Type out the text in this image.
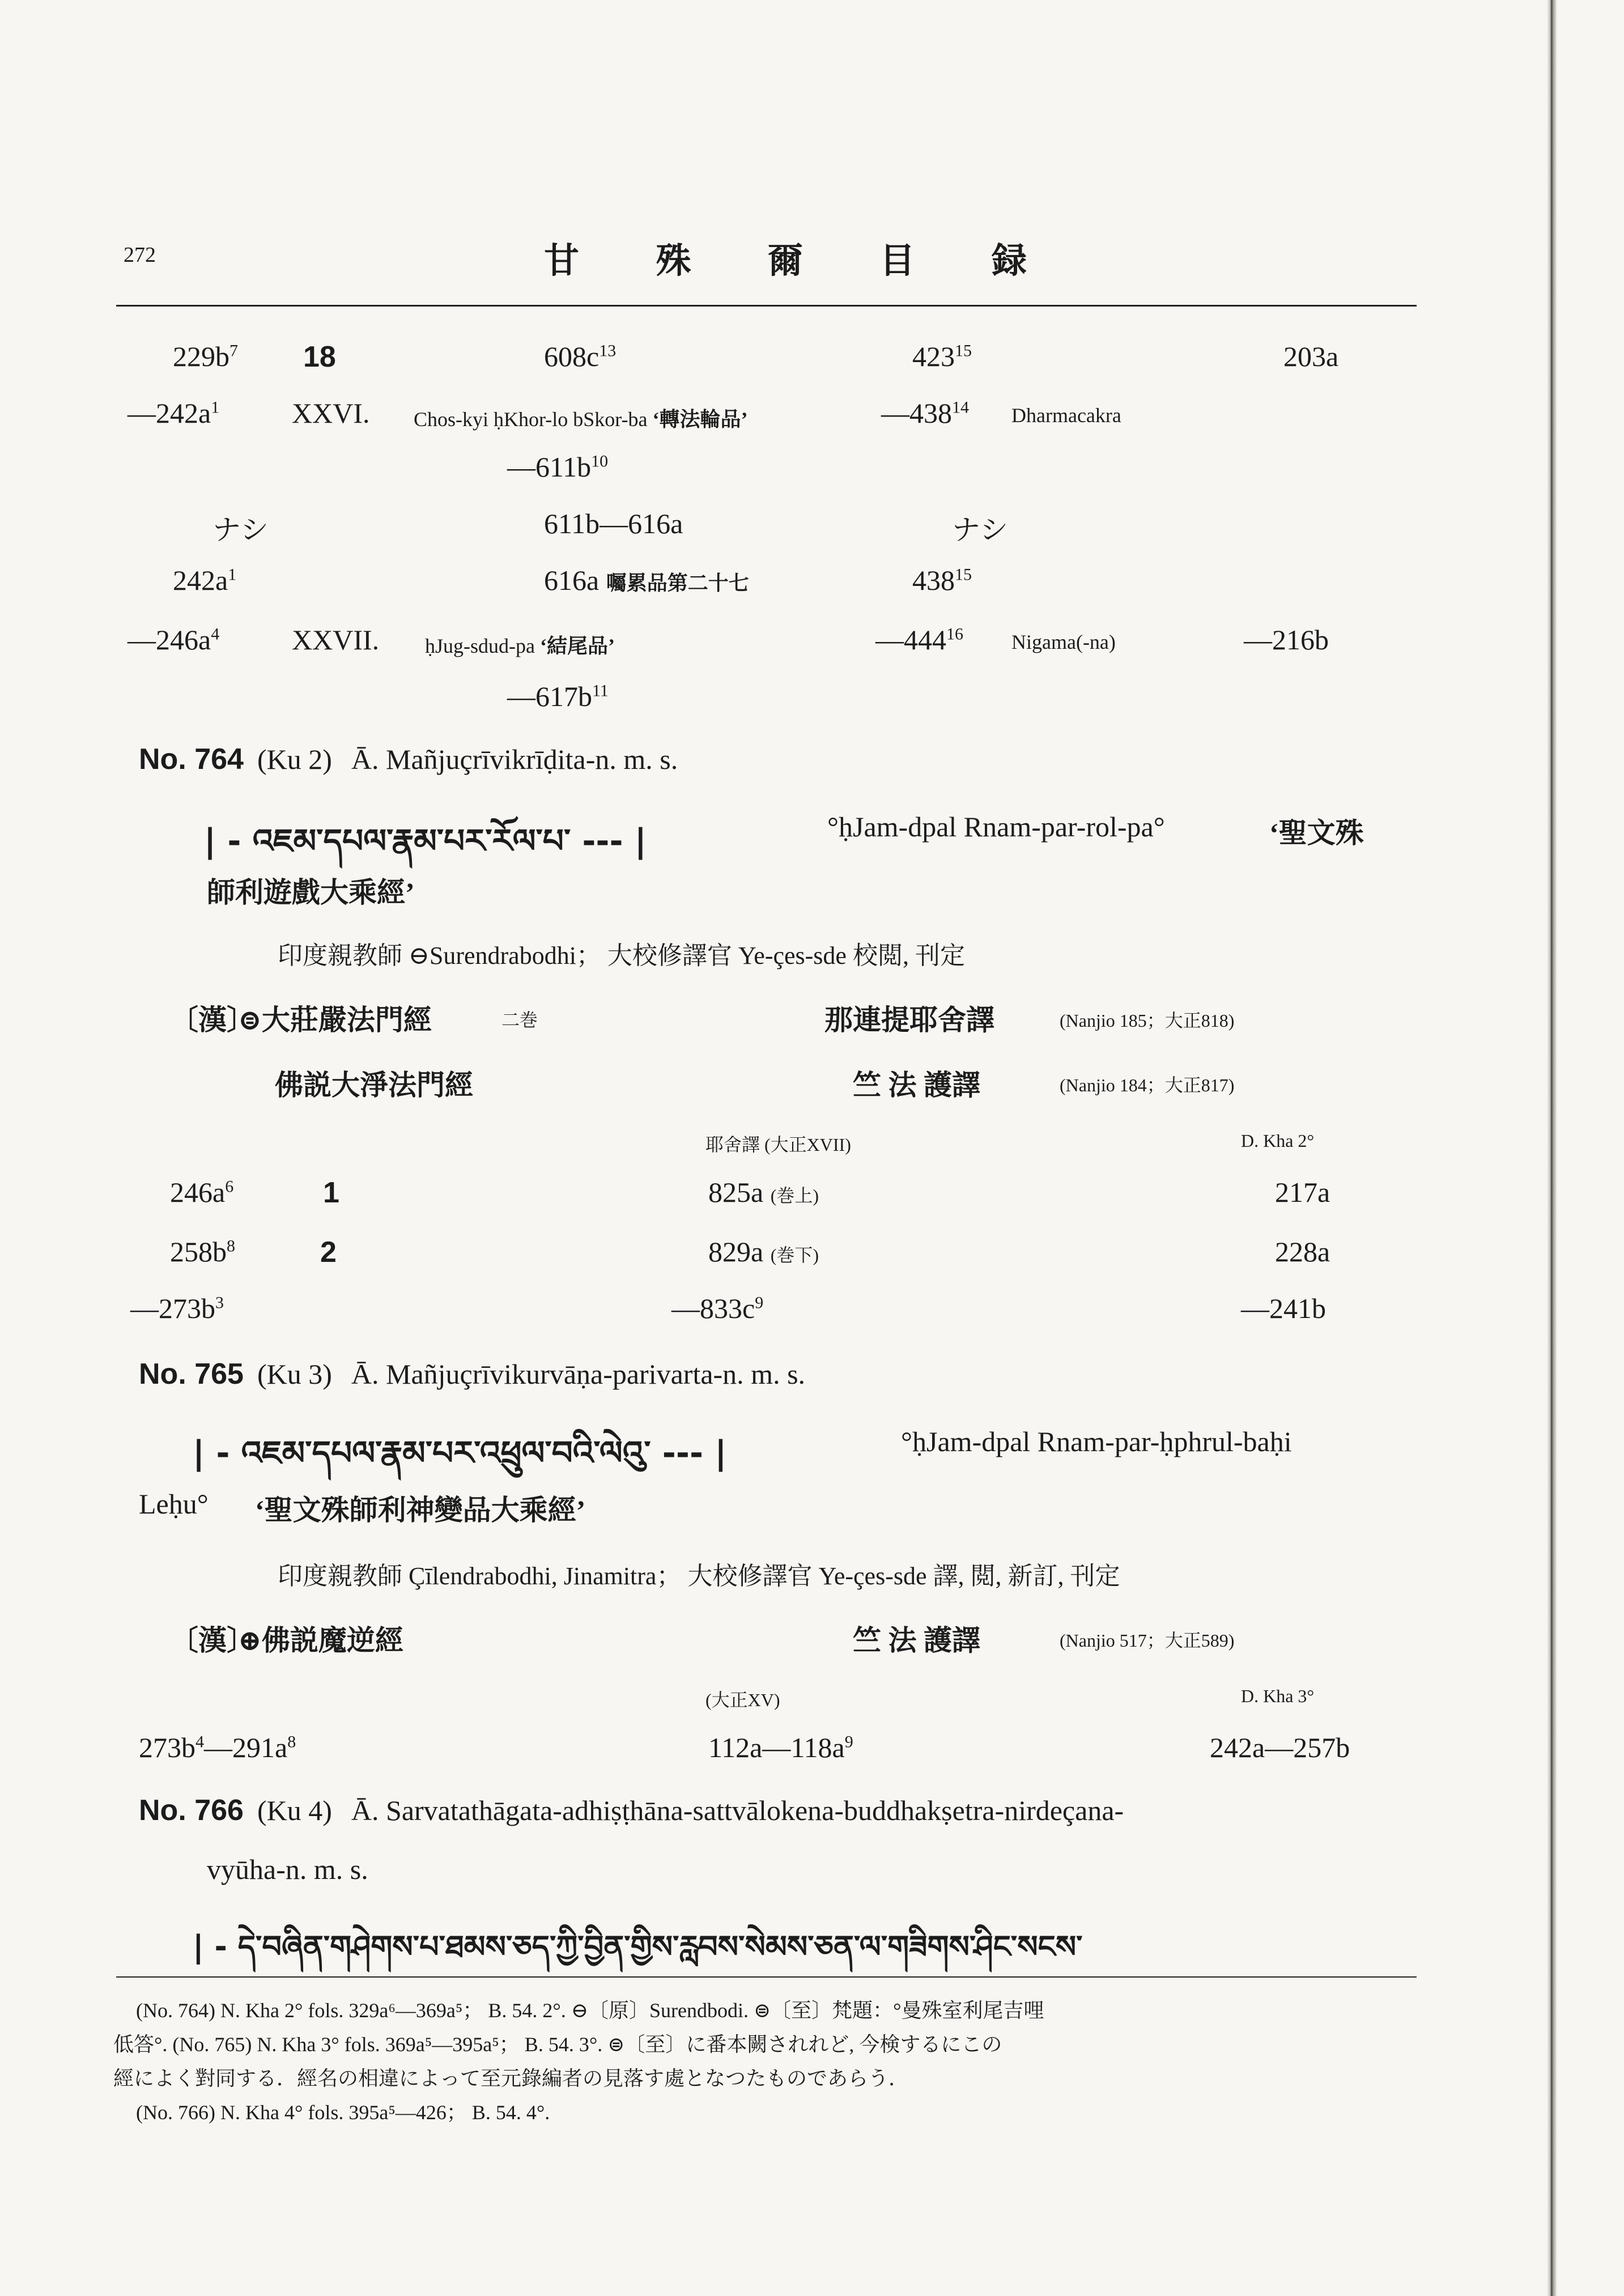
272	甘 殊 爾 目 録
$229b^7$ 18	$608c^{13}$	$423^{15}$	203a
$—242a^1$	XXVI. Chos-kyi ḥKhor-lo bSkor-ba ‘轉法輪品’	$—438^{14}$ Dharmacakra
$—611b^{10}$
ナシ	611b—616a	ナシ
$242a^1$	616a 囑累品第二十七	$438^{15}$
$—246a^4$	XXVII. ḥJug-sdud-pa ‘結尾品’	$—444^{16}$ Nigama(-na)	—216b
$—617b^{11}$
No. 764 (Ku 2) Ā. Mañjuçrīvikrīḍita-n. m. s.
| - འཇམ་དཔལ་རྣམ་པར་རོལ་པ་ --- |	°ḥJam-dpal Rnam-par-rol-pa°	‘聖文殊
師利遊戲大乘經’
印度親教師 ⊖Surendrabodhi； 大校修譯官 Ye-çes-sde 校閲, 刊定
〔漢〕
⊜大莊嚴法門經	二巻	那連提耶舍譯	(Nanjio 185；大正818)
佛説大淨法門經	竺 法 護譯	(Nanjio 184；大正817)
耶舍譯 (大正XVII)	D. Kha 2°
$246a^6$	1	825a (巻上)	217a
$258b^8$	2	829a (巻下)	228a
$—273b^3$	$—833c^9$	—241b
No. 765 (Ku 3) Ā. Mañjuçrīvikurvāṇa-parivarta-n. m. s.
| - འཇམ་དཔལ་རྣམ་པར་འཕྲུལ་བའི་ལེའུ་ --- |	°ḥJam-dpal Rnam-par-ḥphrul-baḥi
Leḥu° ‘聖文殊師利神變品大乘經’
印度親教師 Çīlendrabodhi, Jinamitra； 大校修譯官 Ye-çes-sde 譯, 閲, 新訂, 刊定
〔漢〕
⊕佛説魔逆經	竺 法 護譯	(Nanjio 517；大正589)
(大正XV)	D. Kha 3°
$273b^4—291a^8$	$112a—118a^9$	242a—257b
No. 766 (Ku 4) Ā. Sarvatathāgata-adhiṣṭhāna-sattvālokena-buddhakṣetra-nirdeçana-
vyūha-n. m. s.
| - དེ་བཞིན་གཤེགས་པ་ཐམས་ཅད་ཀྱི་བྱིན་གྱིས་རླབས་སེམས་ཅན་ལ་གཟིགས་ཤིང་སངས་
(No. 764) N. Kha 2° fols. 329a⁶—369a⁵； B. 54. 2°. ⊖〔原〕Surendbodi. ⊜〔至〕梵題：°曼殊室利尾吉哩
低答°. (No. 765) N. Kha 3° fols. 369a⁵—395a⁵； B. 54. 3°. ⊜〔至〕に番本闕されれど, 今検するにこの
經によく對同する．經名の相違によって至元錄編者の見落す處となつたものであらう．
(No. 766) N. Kha 4° fols. 395a⁵—426； B. 54. 4°.
